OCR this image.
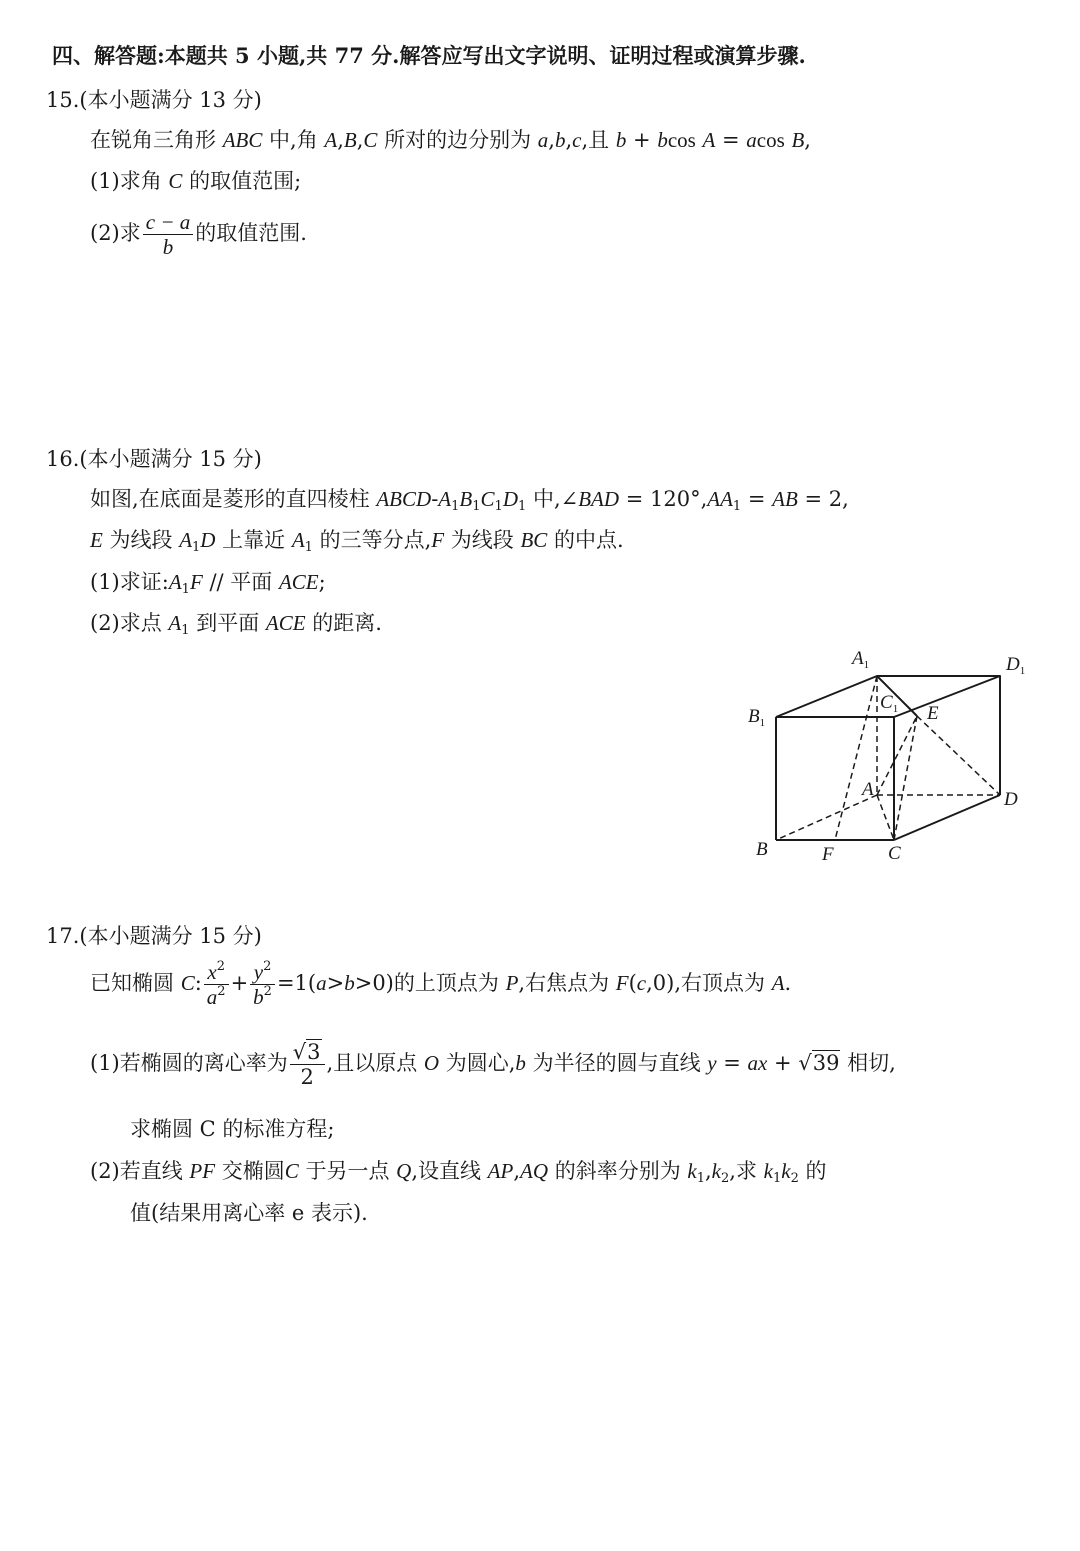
四、解答题:本题共 5 小题,共 77 分.解答应写出文字说明、证明过程或演算步骤.
15.(本小题满分 13 分)
在锐角三角形 ABC 中,角 A,B,C 所对的边分别为 a,b,c,且 b + bcos A = acos B,
(1)求角 C 的取值范围;
(2)求 $\frac{c - a}{b}$ 的取值范围.
16.(本小题满分 15 分)
如图,在底面是菱形的直四棱柱 ABCD-$A_1B_1C_1D_1$ 中,∠BAD = $120^\circ,AA_1$ = AB = 2,
E 为线段 $A_1D$ 上靠近 $A_1$ 的三等分点,F 为线段 BC 的中点.
(1)求证$:A_1F$ // 平面 ACE;
(2)求点 $A_1$ 到平面 ACE 的距离.
$A_1$	$D_1$
$C_1$
$B_1$	E
A	D
B	F	C
17.(本小题满分 15 分)
已知椭圆 C: $\frac{x^2}{a^2} + \frac{y^2}{b^2} =1(a>b>0)$的上顶点为 P,右焦点为 F(c,0),右顶点为 A.
(1)若椭圆的离心率为 $\frac{√3}{2}$ ,且以原点 O 为圆心,b 为半径的圆与直线 y = ax + √39 相切,
求椭圆 C 的标准方程;
(2)若直线 PF 交椭圆C 于另一点 Q,设直线 AP,AQ 的斜率分别为 $k_1,k_2$,求 $k_1k_2$ 的
值(结果用离心率 e 表示).
